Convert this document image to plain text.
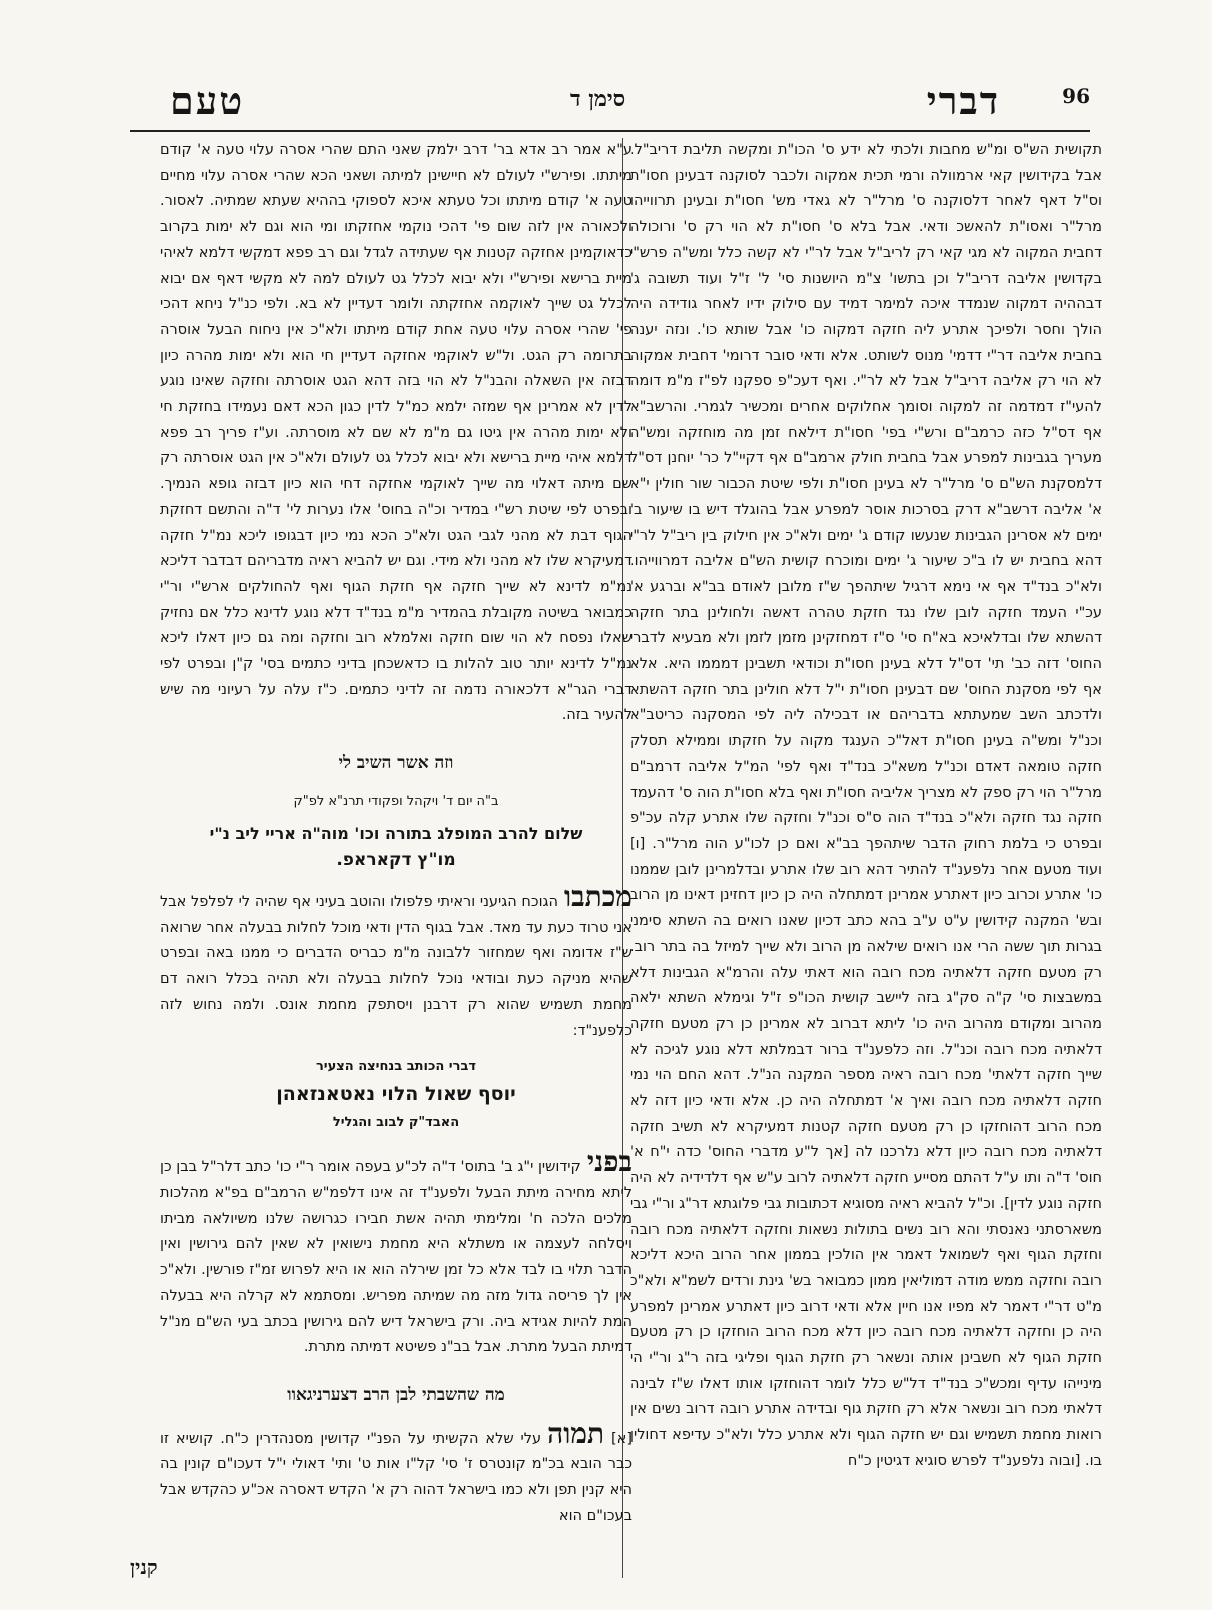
96
דברי
סימן ד
טעם

תקושית הש"ס ומ"ש מחבות ולכתי לא ידע ס' הכו"ת ומקשה תליבת דריב"ל. אבל בקידושין קאי ארמוולה ורמי תכית אמקוה ולכבר לסוקנה דבעינן חסו"ת וס"ל דאף לאחר דלסוקנה ס' מרל"ר לא גאדי מש' חסו"ת ובעינן תרווייהו מרל"ר ואסו"ת להאשכ ודאי. אבל בלא ס' חסו"ת לא הוי רק ס' ורוכולה דחבית המקוה לא מגי קאי רק לריב"ל אבל לר"י לא קשה כלל ומש"ה פרש"י בקדושין אליבה דריב"ל וכן בתשו' צ"מ היושנות סי' ל' ז"ל ועוד תשובה ג' דבההיה דמקוה שנמדד איכה למימר דמיד עם סילוק ידיו לאחר גודידה היה הולך וחסר ולפיכך אתרע ליה חזקה דמקוה כו' אבל שותא כו'. ונזה יענה בחבית אליבה דר"י דדמי' מנוס לשותט. אלא ודאי סובר דרומי' דחבית אמקוה לא הוי רק אליבה דריב"ל אבל לא לר"י. ואף דעכ"פ ספקנו לפ"ז מ"מ דומה להעי"ז דמדמה זה למקוה וסומך אחלוקים אחרים ומכשיר לגמרי. והרשב"א אף דס"ל כזה כרמב"ם ורש"י בפי' חסו"ת דילאח זמן מה מוחזקה ומש"ה מעריך בגבינות למפרע אבל בחבית חולק ארמב"ם אף דקיי"ל כר' יוחנן דס"ל דלמסקנת הש"ם ס' מרל"ר לא בעינן חסו"ת ולפי שיטת הכבור שור חולין י"א א' אליבה דרשב"א דרק בסרכות אוסר למפרע אבל בהוגלד דיש בו שיעור ב' ימים לא אסרינן הגבינות שנעשו קודם ג' ימים ולא"כ אין חילוק בין ריב"ל לר"י דהא בחבית יש לו ב"כ שיעור ג' ימים ומוכרח קושית הש"ם אליבה דמרווייהו. ולא"כ בנד"ד אף אי נימא דרגיל שיתהפך ש"ז מלובן לאודם בב"א וברגע א' עכ"י העמד חזקה לובן שלו נגד חזקת טהרה דאשה ולחולינן בתר חזקה דהשתא שלו ובדלאיכא בא"ח סי' ס"ז דמחזקינן מזמן לזמן ולא מבעיא לדברי החוס' דזה כב' תי' דס"ל דלא בעינן חסו"ת וכודאי תשבינן דמממו היא. אלא אף לפי מסקנת החוס' שם דבעינן חסו"ת י"ל דלא חולינן בתר חזקה דהשתא ולדכתב השב שמעתתא בדבריהם או דבכילה ליה לפי המסקנה כריטב"א וכנ"ל ומש"ה בעינן חסו"ת דאל"כ הענגד מקוה על חזקתו וממילא תסלק חזקה טומאה דאדם וכנ"ל משא"כ בנד"ד ואף לפי' המ"ל אליבה דרמב"ם מרל"ר הוי רק ספק לא מצריך אליביה חסו"ת ואף בלא חסו"ת הוה ס' דהעמד חזקה נגד חזקה ולא"כ בנד"ד הוה ס"ס וכנ"ל וחזקה שלו אתרע קלה עכ"פ ובפרט כי בלמת רחוק הדבר שיתהפך בב"א ואם כן לכו"ע הוה מרל"ר. [ו] ועוד מטעם אחר נלפענ"ד להתיר דהא רוב שלו אתרע ובדלמרינן לובן שממנו כו' אתרע וכרוב כיון דאתרע אמרינן דמתחלה היה כן כיון דחזינן דאינו מן הרוב ובש' המקנה קידושין ע"ט ע"ב בהא כתב דכיון שאנו רואים בה השתא סימני בגרות תוך ששה הרי אנו רואים שילאה מן הרוב ולא שייך למיזל בה בתר רוב. רק מטעם חזקה דלאתיה מכח רובה הוא דאתי עלה והרמ"א הגבינות דלא במשבצות סי' ק"ה סק"ג בזה ליישב קושית הכו"פ ז"ל וגימלא השתא ילאה מהרוב ומקודם מהרוב היה כו' ליתא דברוב לא אמרינן כן רק מטעם חזקה דלאתיה מכח רובה וכנ"ל. וזה כלפענ"ד ברור דבמלתא דלא נוגע לגיכה לא שייך חזקה דלאתי' מכח רובה ראיה מספר המקנה הנ"ל. דהא החם הוי נמי חזקה דלאתיה מכח רובה ואיך א' דמתחלה היה כן. אלא ודאי כיון דזה לא מכח הרוב דהוחזקו כן רק מטעם חזקה קטנות דמעיקרא לא תשיב חזקה דלאתיה מכח רובה כיון דלא נלרכנו לה [אך ל"ע מדברי החוס' כדה י"ח א' חוס' ד"ה ותו ע"ל דהתם מסייע חזקה דלאתיה לרוב ע"ש אף דלדידיה לא היה חזקה נוגע לדין]. וכ"ל להביא ראיה מסוגיא דכתובות גבי פלוגתא דר"ג ור"י גבי משארסתני נאנסתי והא רוב נשים בתולות נשאות וחזקה דלאתיה מכח רובה וחזקת הגוף ואף לשמואל דאמר אין הולכין בממון אחר הרוב היכא דליכא רובה וחזקה ממש מודה דמוליאין ממון כמבואר בש' גינת ורדים לשמ"א ולא"כ מ"ט דר"י דאמר לא מפיו אנו חיין אלא ודאי דרוב כיון דאתרע אמרינן למפרע היה כן וחזקה דלאתיה מכח רובה כיון דלא מכח הרוב הוחזקו כן רק מטעם חזקת הגוף לא חשבינן אותה ונשאר רק חזקת הגוף ופליגי בזה ר"ג ור"י הי מינייהו עדיף ומכש"כ בנד"ד דל"ש כלל לומר דהוחזקו אותו דאלו ש"ז לבינה דלאתי מכח רוב ונשאר אלא רק חזקת גוף ובדידה אתרע רובה דרוב נשים אין רואות מחמת תשמיש וגם יש חזקה הגוף ולא אתרע כלל ולא"כ עדיפא דחולין בו. [ובוה נלפענ"ד לפרש סוגיא דגיטין כ"ח

ע"א אמר רב אדא בר' דרב ילמק שאני התם שהרי אסרה עלוי טעה א' קודם מיתתו. ופירש"י לעולם לא חיישינן למיתה ושאני הכא שהרי אסרה עלוי מחיים טעה א' קודם מיתתו וכל טעתא איכא לספוקי בההיא שעתא שמתיה. לאסור. ולכאורה אין לזה שום פי' דהכי נוקמי אחזקתו ומי הוא וגם לא ימות בקרוב כדאוקמינן אחזקה קטנות אף שעתידה לגדל וגם רב פפא דמקשי דלמא לאיהי מיית ברישא ופירש"י ולא יבוא לכלל גט לעולם למה לא מקשי דאף אם יבוא לכלל גט שייך לאוקמה אחזקתה ולומר דעדיין לא בא. ולפי כנ"ל ניחא דהכי פי' שהרי אסרה עלוי טעה אחת קודם מיתתו ולא"כ אין ניחוח הבעל אוסרה בתרומה רק הגט. ול"ש לאוקמי אחזקה דעדיין חי הוא ולא ימות מהרה כיון דבזה אין השאלה והבנ"ל לא הוי בזה דהא הגט אוסרתה וחזקה שאינו נוגע לדין לא אמרינן אף שמזה ילמא כמ"ל לדין כגון הכא דאם נעמידו בחזקת חי ולא ימות מהרה אין גיטו גם מ"מ לא שם לא מוסרתה. וע"ז פריך רב פפא דלמא איהי מיית ברישא ולא יבוא לכלל גט לעולם ולא"כ אין הגט אוסרתה רק שם מיתה דאלוי מה שייך לאוקמי אחזקה דחי הוא כיון דבזה גופא הנמיך. ובפרט לפי שיטת רש"י במדיר וכ"ה בחוס' אלו נערות לי' ד"ה והתשם דחזקת הגוף דבת לא מהני לגבי הגט ולא"כ הכא נמי כיון דבגופו ליכא נמ"ל חזקה דמעיקרא שלו לא מהני ולא מידי. וגם יש להביא ראיה מדבריהם דבדבר דליכא נמ"מ לדינא לא שייך חזקה אף חזקת הגוף ואף להחולקים ארש"י ור"י כמבואר בשיטה מקובלת בהמדיר מ"מ בנד"ד דלא נוגע לדינא כלל אם נחזיק שאלו נפסח לא הוי שום חזקה ואלמלא רוב וחזקה ומה גם כיון דאלו ליכא נמ"ל לדינא יותר טוב להלות בו כדאשכחן בדיני כתמים בסי' ק"ן ובפרט לפי דברי הגר"א דלכאורה נדמה זה לדיני כתמים. כ"ז עלה על רעיוני מה שיש להעיר בזה.

וזה אשר השיב לי
ב"ה יום ד' ויקהל ופקודי תרנ"א לפ"ק
שלום להרב המופלג בתורה וכו' מוה"ה אריי ליב נ"י
מו"ץ דקאראפ.

מכתבוהגוכח הגיעני וראיתי פלפולו והוטב בעיני אף שהיה לי לפלפל אבל אני טרוד כעת עד מאד. אבל בגוף הדין ודאי מוכל לחלות בבעלה אחר שרואה ש"ז אדומה ואף שמחזור ללבונה מ"מ כבריס הדברים כי ממנו באה ובפרט שהיא מניקה כעת ובודאי נוכל לחלות בבעלה ולא תהיה בכלל רואה דם מחמת תשמיש שהוא רק דרבנן ויסתפק מחמת אונס. ולמה נחוש לזה כלפענ"ד:

דברי הכותב בנחיצה הצעיר
יוסף שאול הלוי נאטאנזאהן
האבד"ק לבוב והגליל

בפניקידושין י"ג ב' בתוס' ד"ה לכ"ע בעפה אומר ר"י כו' כתב דלר"ל בבן כן ליתא מחירה מיתת הבעל ולפענ"ד זה אינו דלפמ"ש הרמב"ם בפ"א מהלכות מלכים הלכה ח' ומלימתי תהיה אשת חבירו כגרושה שלנו משיולאה מביתו ויסלחה לעצמה או משתלא היא מחמת נישואין לא שאין להם גירושין ואין הדבר תלוי בו לבד אלא כל זמן שירלה הוא או היא לפרוש זמ"ז פורשין. ולא"כ אין לך פריסה גדול מזה מה שמיתה מפריש. ומסתמא לא קרלה היא בבעלה המת להיות אגידא ביה. ורק בישראל דיש להם גירושין בכתב בעי הש"ם מנ"ל דמיתת הבעל מתרת. אבל בב"נ פשיטא דמיתה מתרת.

מה שהשבתי לבן הרב דצערניגאוו

[א] תמוהעלי שלא הקשיתי על הפנ"י קדושין מסנהדרין כ"ח. קושיא זו כבר הובא בכ"מ קונטרס ז' סי' קל"ו אות ט' ותי' דאולי י"ל דעכו"ם קונין בה היא קנין תפן ולא כמו בישראל דהוה רק א' הקדש דאסרה אכ"ע כהקדש אבל בעכו"ם הוא

קנין
